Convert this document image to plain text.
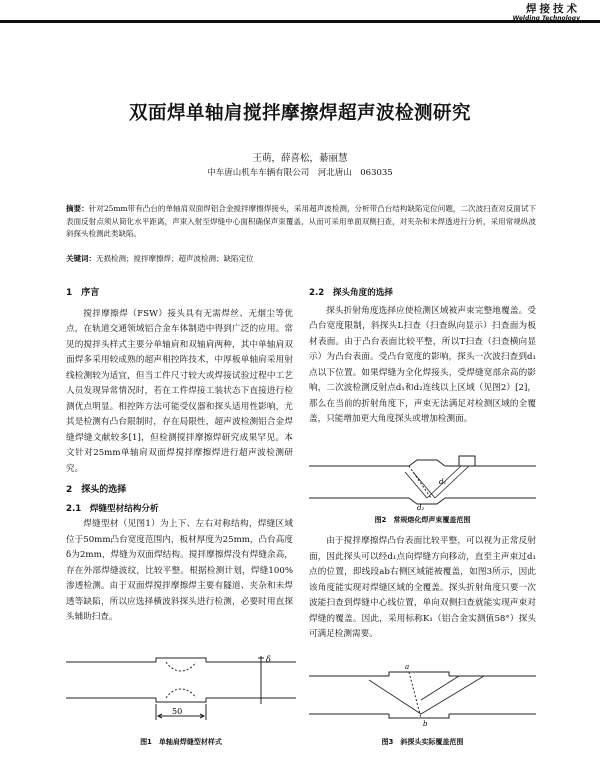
焊接技术
Welding Technology
双面焊单轴肩搅拌摩擦焊超声波检测研究
王萌，薛喜松，綦丽慧
中车唐山机车车辆有限公司　河北唐山　063035
摘要：针对25mm带有凸台的单轴肩双面焊铝合金搅拌摩擦焊接头，采用超声波检测，分析带凸台结构缺陷定位问题，二次波扫查对反面试下表面反射点须从简化水平距离，声束入射至焊缝中心面积确保声束覆盖，从而可采用单面双侧扫查，对夹杂和未焊透进行分析，采用常规纵波斜探头检测此类缺陷。
关键词：无损检测；搅拌摩擦焊；超声波检测；缺陷定位
1　序言

搅拌摩擦焊（FSW）接头具有无需焊丝、无烟尘等优点，在轨道交通领域铝合金车体制造中得到广泛的应用。常见的搅拌头样式主要分单轴肩和双轴肩两种，其中单轴肩双面焊多采用较成熟的超声相控阵技术，中厚板单轴肩采用射线检测较为适宜，但当工件尺寸较大或焊接试验过程中工艺人员发现异常情况时，若在工件焊接工装状态下直接进行检测优点明显。相控阵方法可能受仪器和探头适用性影响，尤其是检测有凸台限制时，存在局限性，超声波检测铝合金焊缝焊缝文献较多[1]，但检测搅拌摩擦焊研究成果罕见。本文针对25mm单轴肩双面焊搅拌摩擦焊进行超声波检测研究。

2　探头的选择
2.1　焊缝型材结构分析

焊缝型材（见图1）为上下、左右对称结构，焊缝区域位于50mm凸台宽度范围内，板材厚度为25mm，凸台高度δ为2mm，焊缝为双面焊结构。搅拌摩擦焊没有焊缝余高，存在外部焊缝波纹，比较平整。根据检测计划，焊缝100%渗透检测。由于双面焊搅拌摩擦焊主要有隧道、夹杂和未焊透等缺陷，所以应选择横波斜探头进行检测，必要时用直探头辅助扫查。

50
δ
图1　单轴肩焊缝型材样式
2.2　探头角度的选择

探头折射角度选择应使检测区域被声束完整地覆盖。受凸台宽度限制，斜探头L扫查（扫查纵向显示）扫查面为板材表面。由于凸台表面比较平整，所以T扫查（扫查横向显示）为凸台表面。受凸台宽度的影响，探头一次波扫查到d₁点以下位置。如果焊缝为全化焊接头，受焊缝宽部余高的影响，二次波检测反射点d₁和d₂连线以上区域（见图2）[2]，那么在当前的折射角度下，声束无法满足对检测区域的全覆盖，只能增加更大角度探头或增加检测面。

d₁
d₂
图2　常规熔化焊声束覆盖范围

由于搅拌摩擦焊凸台表面比较平整，可以视为正常反射面，因此探头可以经d₁点向焊缝方向移动，直至主声束过d₁点的位置，即线段ab右侧区域能被覆盖，如图3所示，因此该角度能实现对焊缝区域的全覆盖。探头折射角度只要一次波能扫查到焊缝中心线位置，单向双侧扫查就能实现声束对焊缝的覆盖。因此，采用标称K₁（铝合金实测值58°）探头可满足检测需要。

a
b
图3　斜探头实际覆盖范围
